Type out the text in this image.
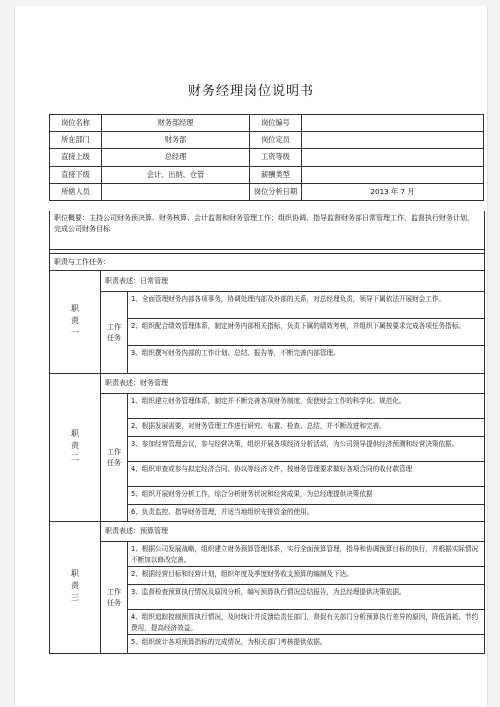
财务经理岗位说明书
岗位名称	财务部经理	岗位编号	
所在部门	财务部	岗位定员	
直接上级	总经理	工资等级	
直接下级	会计、出纳、仓管	薪酬类型	
所辖人员		岗位分析日期	2013 年 7 月
职位概要：主持公司财务预决算、财务核算、会计监督和财务管理工作；组织协调、指导监督财务部日常管理工作，监督执行财务计划，完成公司财务目标
职责与工作任务：
职责一
职责表述：日常管理
工作
任务
1、全面管理财务内部各项事务，协调处理内部及外部的关系，对总经理负责，领导下属依法开展财会工作。
2、组织配合绩效管理体系，制定财务内部相关指标，负责下属的绩效考核，并组织下属按要求完成各项任务指标。
3、组织撰写财务内部的工作计划、总结、报告等，不断完善内部管理。
职责二
职责表述：财务管理
工作
任务
1、组织建立财务管理体系，制定并不断完善各项财务制度，促使财会工作的科学化、规范化。
2、根据发展需要，对财务管理工作进行研究、布置、检查、总结，并不断改进和完善。
3、参加经营管理会议，参与经营决策，组织开展各项经济分析活动，为公司领导提供经济预测和经营决策依据。
4、组织审查或参与拟定经济合同、协议等经济文件，按财务管理要求做好各项合同的收付款管理
5、组织开展财务分析工作，综合分析财务状况和经营成果，为总经理提供决策依据
6、负责监控、指导财务管理，并适当地组织安排资金的使用。
职责三
职责表述：预算管理
工作
任务
1、根据公司发展战略，组织建立财务预算管理体系，实行全面预算管理，指导和协调预算目标的执行，并根据实际情况不断加以修改完善。
2、根据经营目标和经营计划，组织年度及季度财务收支预算的编制及下达。
3、监督检查预算执行情况及原因分析，编写预算执行情况总结报告，为总经理提供决策依据。
4、组织追踪控制预算执行情况，及时统计并反馈给责任部门，督促有关部门分析预算执行差异的原因，降低消耗、节约费用，提高经济效益。
5、组织统计各项预算指标的完成情况，为相关部门考核提供依据。
